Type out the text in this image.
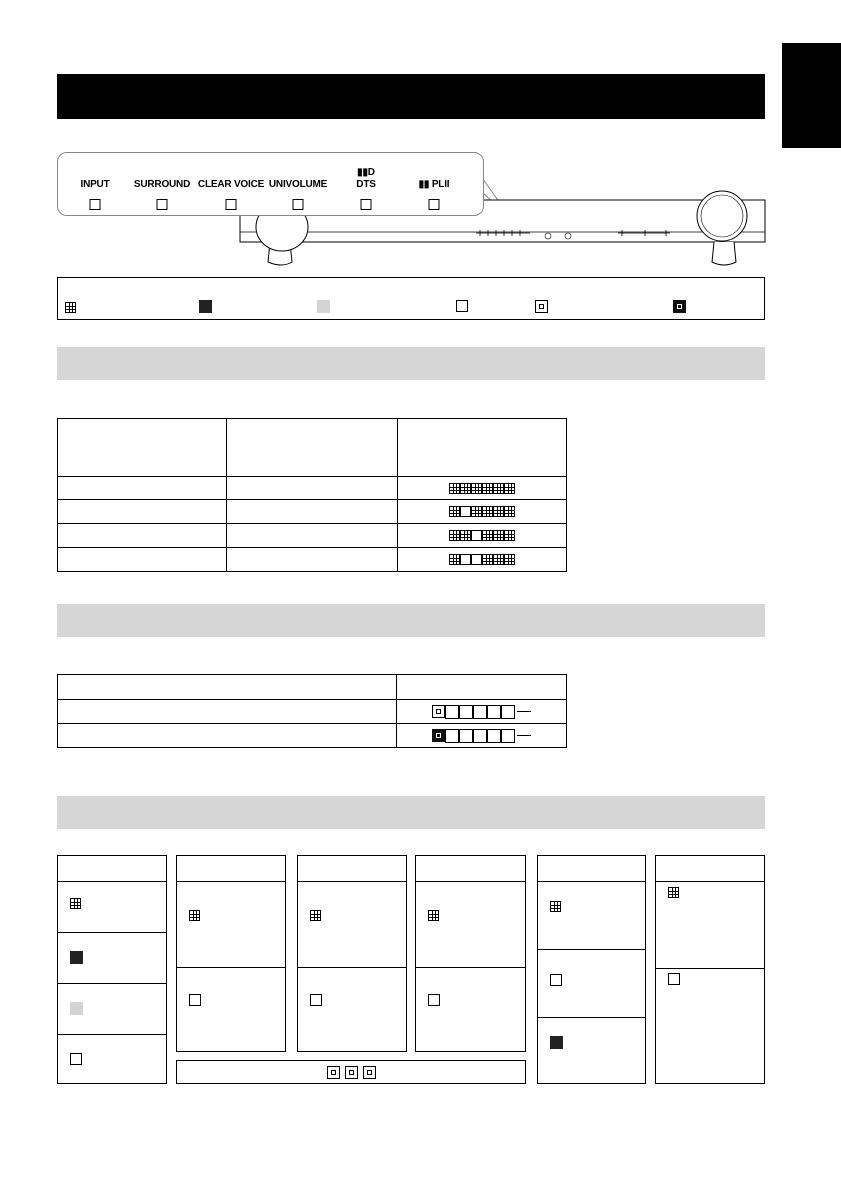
INPUT SURROUND CLEAR VOICE UNIVOLUME
▮▮D
DTS	▮▮ PLII
